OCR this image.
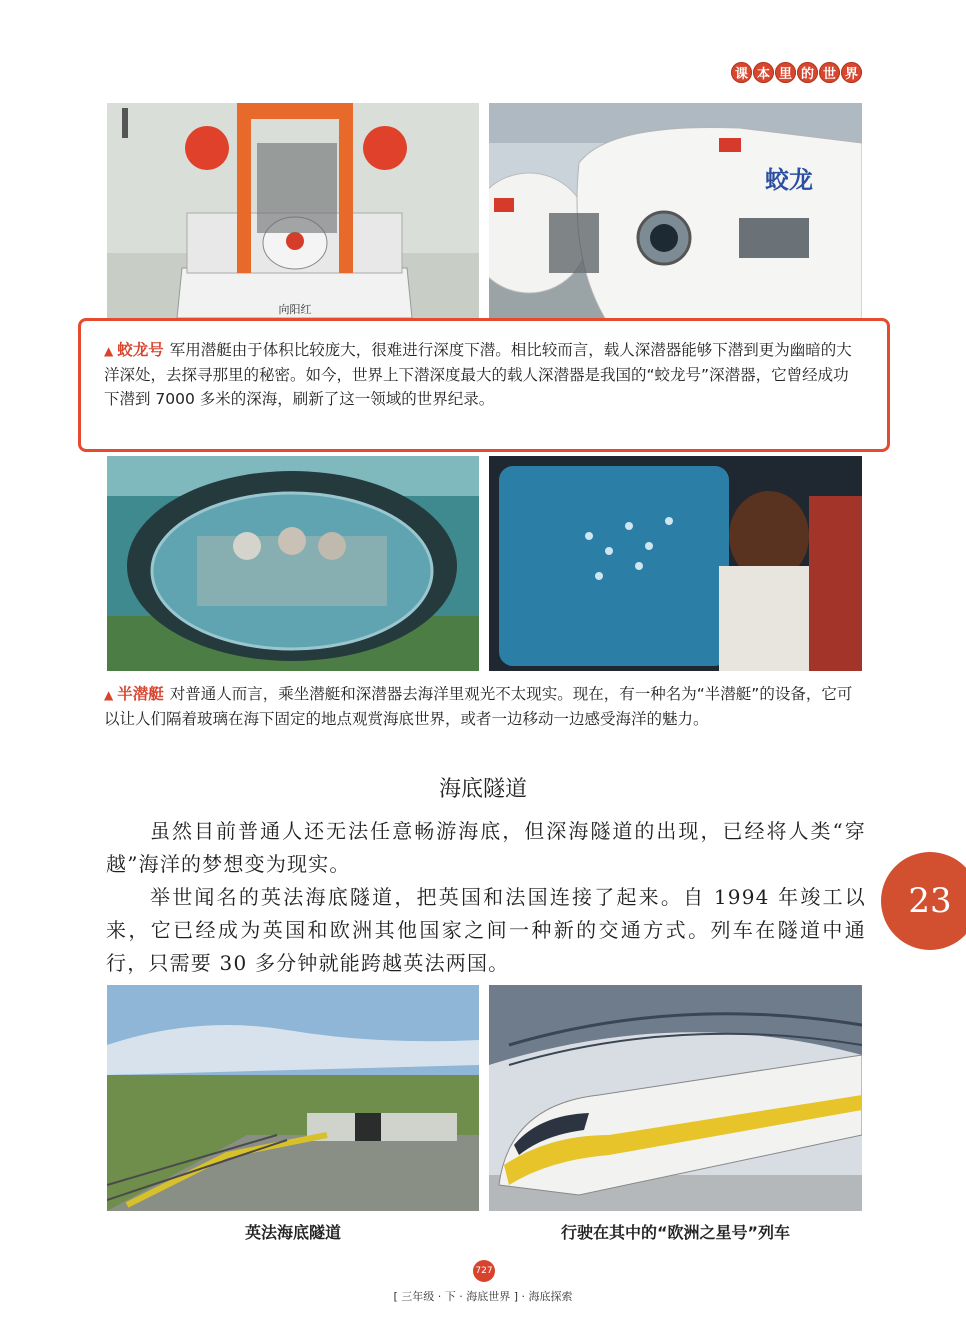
课 本 里 的 世 界
向阳红
蛟龙
▲ 蛟龙号 军用潜艇由于体积比较庞大，很难进行深度下潜。相比较而言，载人深潜器能够下潜到更为幽暗的大洋深处，去探寻那里的秘密。如今，世界上下潜深度最大的载人深潜器是我国的“蛟龙号”深潜器，它曾经成功下潜到 7000 多米的深海，刷新了这一领域的世界纪录。
▲ 半潜艇 对普通人而言，乘坐潜艇和深潜器去海洋里观光不太现实。现在，有一种名为“半潜艇”的设备，它可以让人们隔着玻璃在海下固定的地点观赏海底世界，或者一边移动一边感受海洋的魅力。
海底隧道

虽然目前普通人还无法任意畅游海底，但深海隧道的出现，已经将人类“穿越”海洋的梦想变为现实。

举世闻名的英法海底隧道，把英国和法国连接了起来。自 1994 年竣工以来，它已经成为英国和欧洲其他国家之间一种新的交通方式。列车在隧道中通行，只需要 30 多分钟就能跨越英法两国。

23
英法海底隧道	行驶在其中的“欧洲之星号”列车
727
[ 三年级 · 下 · 海底世界 ] · 海底探索
